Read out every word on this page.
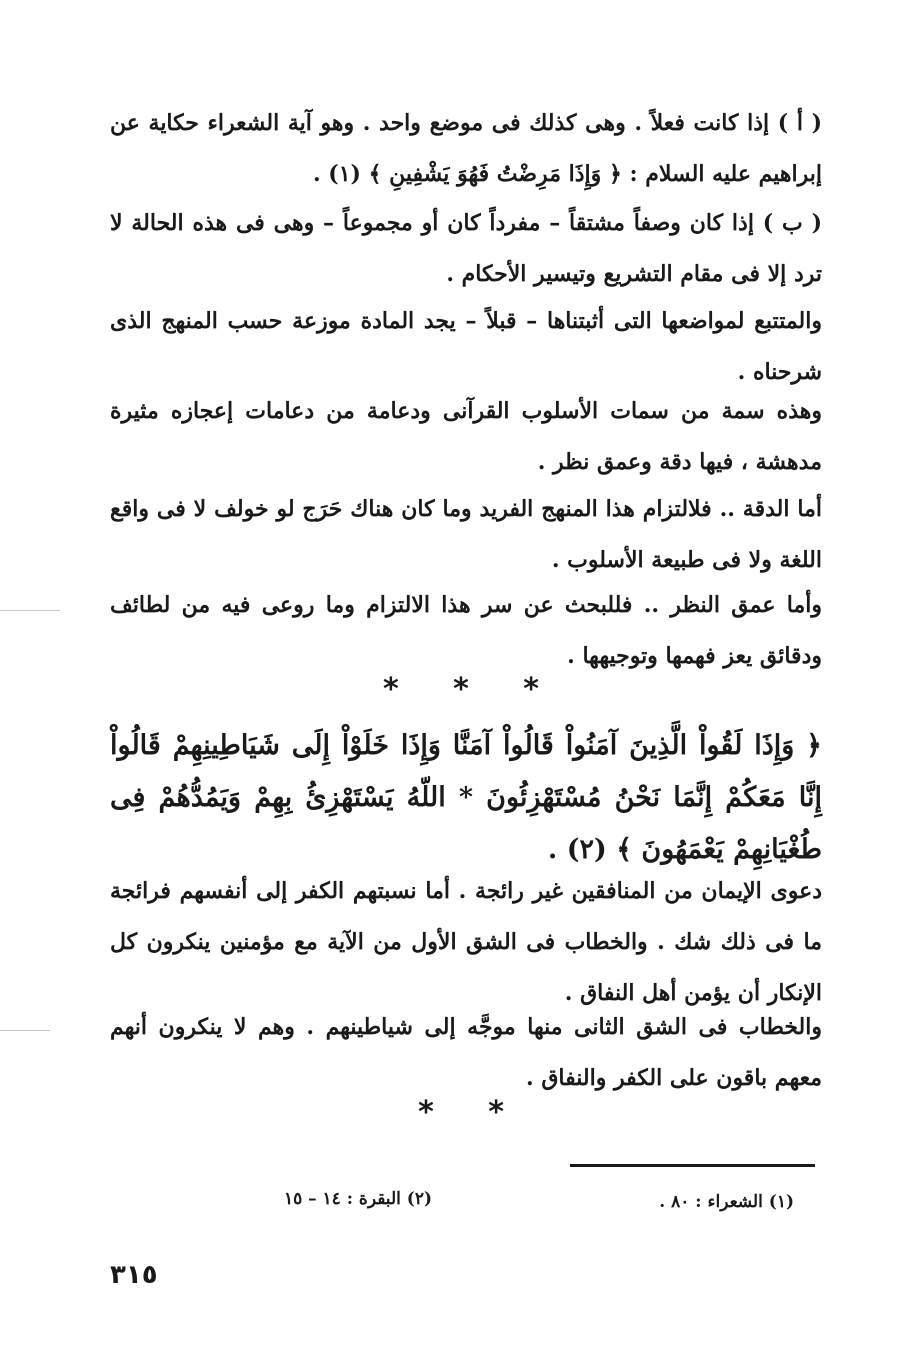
( أ ) إذا كانت فعلاً . وهى كذلك فى موضع واحد . وهو آية الشعراء حكاية عن إبراهيم عليه السلام : ﴿ وَإِذَا مَرِضْتُ فَهُوَ يَشْفِينِ ﴾ (١) .

( ب ) إذا كان وصفاً مشتقاً – مفرداً كان أو مجموعاً – وهى فى هذه الحالة لا ترد إلا فى مقام التشريع وتيسير الأحكام .

والمتتبع لمواضعها التى أثبتناها – قبلاً – يجد المادة موزعة حسب المنهج الذى شرحناه .

وهذه سمة من سمات الأسلوب القرآنى ودعامة من دعامات إعجازه مثيرة مدهشة ، فيها دقة وعمق نظر .

أما الدقة .. فلالتزام هذا المنهج الفريد وما كان هناك حَرَج لو خولف لا فى واقع اللغة ولا فى طبيعة الأسلوب .

وأما عمق النظر .. فللبحث عن سر هذا الالتزام وما روعى فيه من لطائف ودقائق يعز فهمها وتوجيهها .

* * *

﴿ وَإِذَا لَقُواْ الَّذِينَ آمَنُواْ قَالُواْ آمَنَّا وَإِذَا خَلَوْاْ إِلَى شَيَاطِينِهِمْ قَالُواْ إِنَّا مَعَكُمْ إِنَّمَا نَحْنُ مُسْتَهْزِئُونَ * اللّهُ يَسْتَهْزِئُ بِهِمْ وَيَمُدُّهُمْ فِى طُغْيَانِهِمْ يَعْمَهُونَ ﴾ (٢) .

دعوى الإيمان من المنافقين غير رائجة . أما نسبتهم الكفر إلى أنفسهم فرائجة ما فى ذلك شك . والخطاب فى الشق الأول من الآية مع مؤمنين ينكرون كل الإنكار أن يؤمن أهل النفاق .

والخطاب فى الشق الثانى منها موجَّه إلى شياطينهم . وهم لا ينكرون أنهم معهم باقون على الكفر والنفاق .

* *

(١) الشعراء : ٨٠ .
(٢) البقرة : ١٤ – ١٥
٣١٥
